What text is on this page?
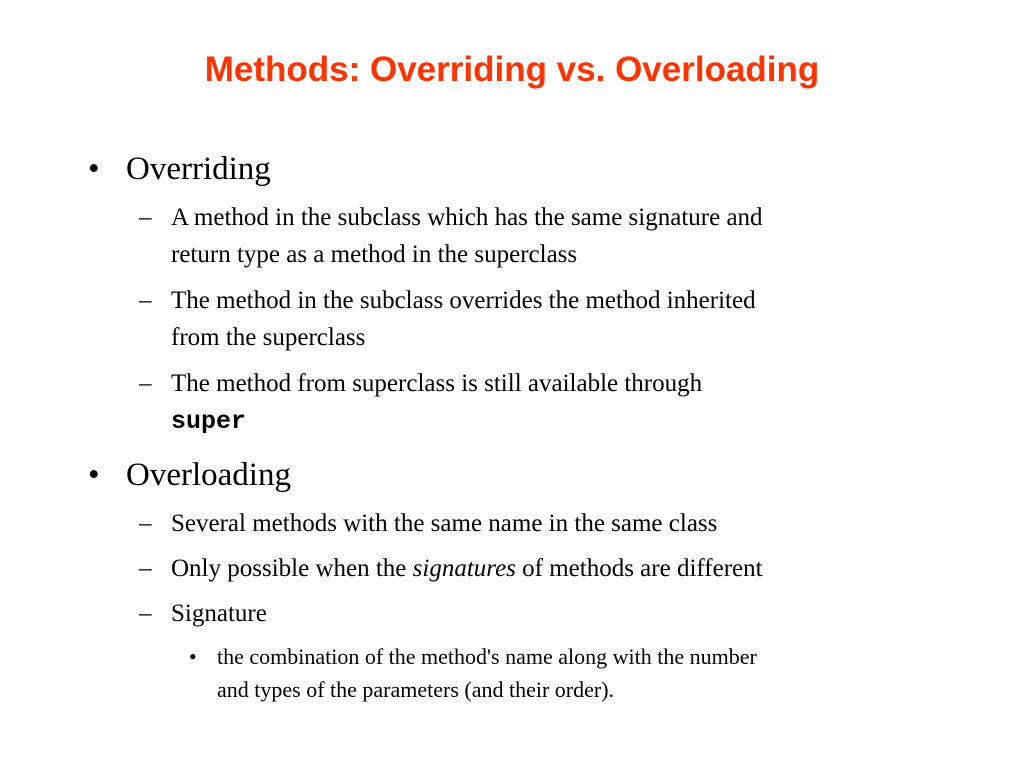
Methods: Overriding vs. Overloading
• Overriding
– A method in the subclass which has the same signature and
return type as a method in the superclass
– The method in the subclass overrides the method inherited
from the superclass
– The method from superclass is still available through
super
• Overloading
– Several methods with the same name in the same class
– Only possible when the signatures of methods are different
– Signature
• the combination of the method's name along with the number
and types of the parameters (and their order).
